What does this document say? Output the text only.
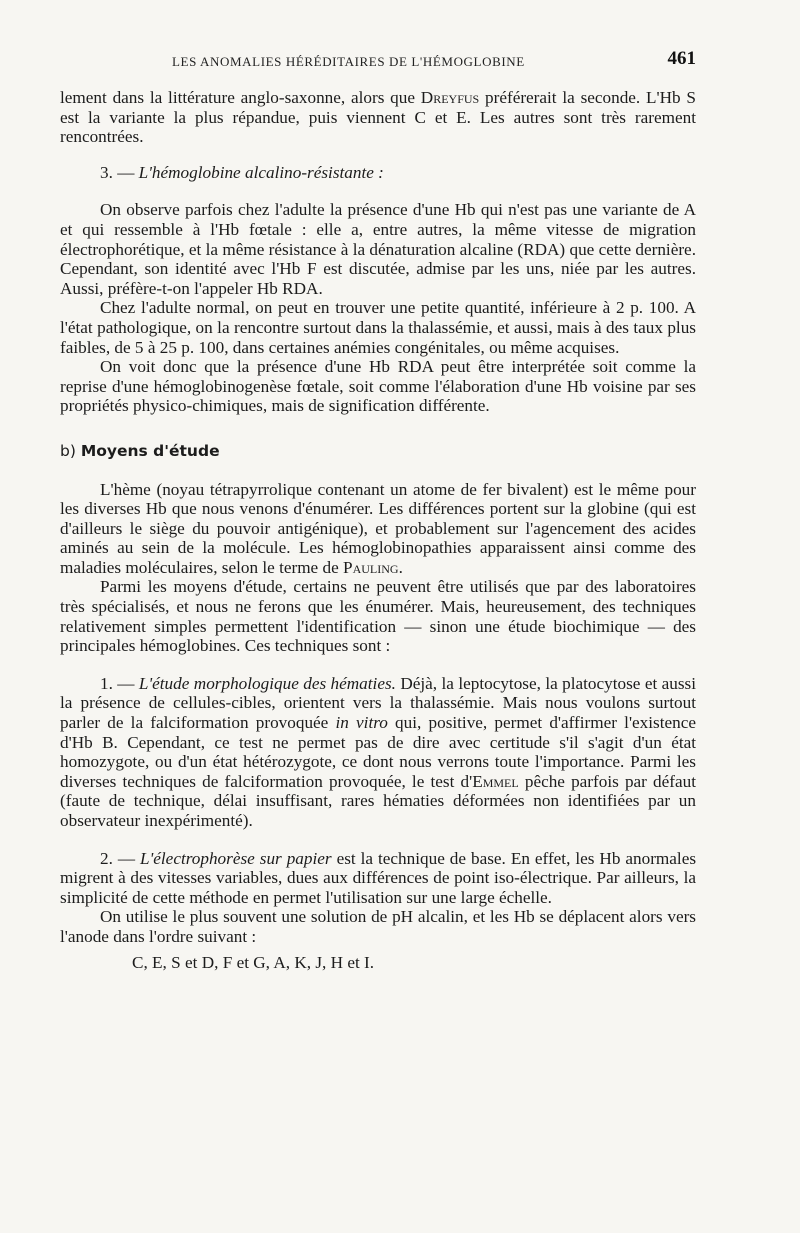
LES ANOMALIES HÉRÉDITAIRES DE L'HÉMOGLOBINE	461

lement dans la littérature anglo-saxonne, alors que Dreyfus préférerait la seconde. L'Hb S est la variante la plus répandue, puis viennent C et E. Les autres sont très rarement rencontrées.

3. — L'hémoglobine alcalino-résistante :

On observe parfois chez l'adulte la présence d'une Hb qui n'est pas une variante de A et qui ressemble à l'Hb fœtale : elle a, entre autres, la même vitesse de migration électrophorétique, et la même résistance à la dénaturation alcaline (RDA) que cette dernière. Cependant, son identité avec l'Hb F est discutée, admise par les uns, niée par les autres. Aussi, préfère-t-on l'appeler Hb RDA.

Chez l'adulte normal, on peut en trouver une petite quantité, inférieure à 2 p. 100. A l'état pathologique, on la rencontre surtout dans la thalassémie, et aussi, mais à des taux plus faibles, de 5 à 25 p. 100, dans certaines anémies congénitales, ou même acquises.

On voit donc que la présence d'une Hb RDA peut être interprétée soit comme la reprise d'une hémoglobinogenèse fœtale, soit comme l'élaboration d'une Hb voisine par ses propriétés physico-chimiques, mais de signification différente.

b) Moyens d'étude

L'hème (noyau tétrapyrrolique contenant un atome de fer bivalent) est le même pour les diverses Hb que nous venons d'énumérer. Les différences portent sur la globine (qui est d'ailleurs le siège du pouvoir antigénique), et probablement sur l'agencement des acides aminés au sein de la molécule. Les hémoglobinopathies apparaissent ainsi comme des maladies moléculaires, selon le terme de Pauling.

Parmi les moyens d'étude, certains ne peuvent être utilisés que par des laboratoires très spécialisés, et nous ne ferons que les énumérer. Mais, heureusement, des techniques relativement simples permettent l'identification — sinon une étude biochimique — des principales hémoglobines. Ces techniques sont :

1. — L'étude morphologique des hématies. Déjà, la leptocytose, la platocytose et aussi la présence de cellules-cibles, orientent vers la thalassémie. Mais nous voulons surtout parler de la falciformation provoquée in vitro qui, positive, permet d'affirmer l'existence d'Hb B. Cependant, ce test ne permet pas de dire avec certitude s'il s'agit d'un état homozygote, ou d'un état hétérozygote, ce dont nous verrons toute l'importance. Parmi les diverses techniques de falciformation provoquée, le test d'Emmel pêche parfois par défaut (faute de technique, délai insuffisant, rares hématies déformées non identifiées par un observateur inexpérimenté).

2. — L'électrophorèse sur papier est la technique de base. En effet, les Hb anormales migrent à des vitesses variables, dues aux différences de point iso-électrique. Par ailleurs, la simplicité de cette méthode en permet l'utilisation sur une large échelle.

On utilise le plus souvent une solution de pH alcalin, et les Hb se déplacent alors vers l'anode dans l'ordre suivant :

C, E, S et D, F et G, A, K, J, H et I.
